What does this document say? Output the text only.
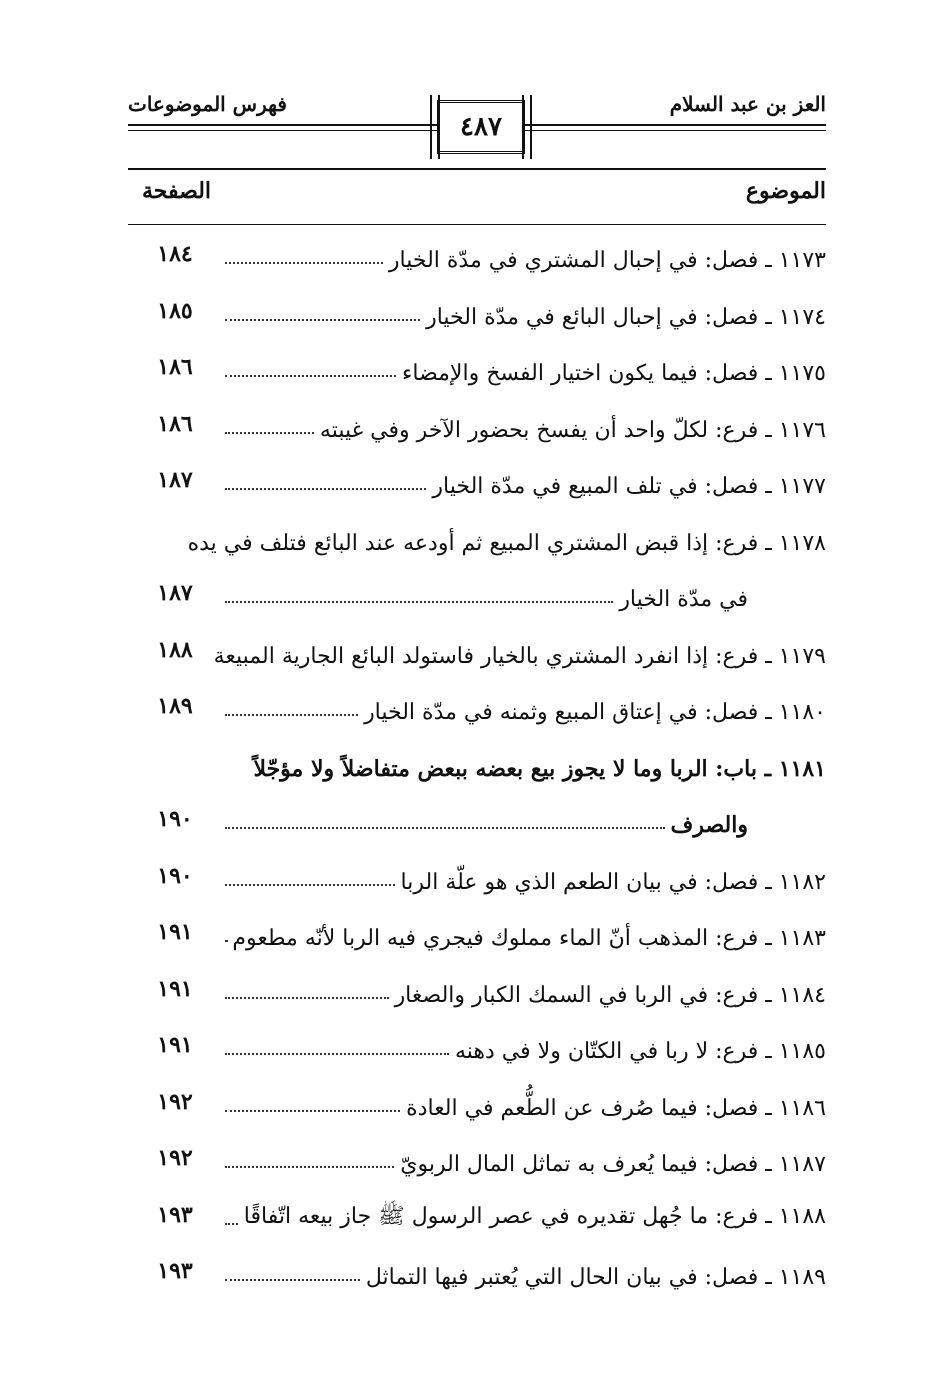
فهرس الموضوعات	العز بن عبد السلام
٤٨٧
الموضوع
الصفحة
١١٧٣ ـ فصل: في إحبال المشتري في مدّة الخيار
١٨٤
١١٧٤ ـ فصل: في إحبال البائع في مدّة الخيار
١٨٥
١١٧٥ ـ فصل: فيما يكون اختيار الفسخ والإمضاء
١٨٦
١١٧٦ ـ فرع: لكلّ واحد أن يفسخ بحضور الآخر وفي غيبته
١٨٦
١١٧٧ ـ فصل: في تلف المبيع في مدّة الخيار
١٨٧
١١٧٨ ـ فرع: إذا قبض المشتري المبيع ثم أودعه عند البائع فتلف في يده
في مدّة الخيار
١٨٧
١١٧٩ ـ فرع: إذا انفرد المشتري بالخيار فاستولد البائع الجارية المبيعة
١٨٨
١١٨٠ ـ فصل: في إعتاق المبيع وثمنه في مدّة الخيار
١٨٩
١١٨١ ـ باب: الربا وما لا يجوز بيع بعضه ببعض متفاضلاً ولا مؤجّلاً
والصرف
١٩٠
١١٨٢ ـ فصل: في بيان الطعم الذي هو علّة الربا
١٩٠
١١٨٣ ـ فرع: المذهب أنّ الماء مملوك فيجري فيه الربا لأنّه مطعوم
١٩١
١١٨٤ ـ فرع: في الربا في السمك الكبار والصغار
١٩١
١١٨٥ ـ فرع: لا ربا في الكتّان ولا في دهنه
١٩١
١١٨٦ ـ فصل: فيما صُرف عن الطُّعم في العادة
١٩٢
١١٨٧ ـ فصل: فيما يُعرف به تماثل المال الربويّ
١٩٢
١١٨٨ ـ فرع: ما جُهل تقديره في عصر الرسول ﷺ جاز بيعه اتّفاقًا
١٩٣
١١٨٩ ـ فصل: في بيان الحال التي يُعتبر فيها التماثل
١٩٣
